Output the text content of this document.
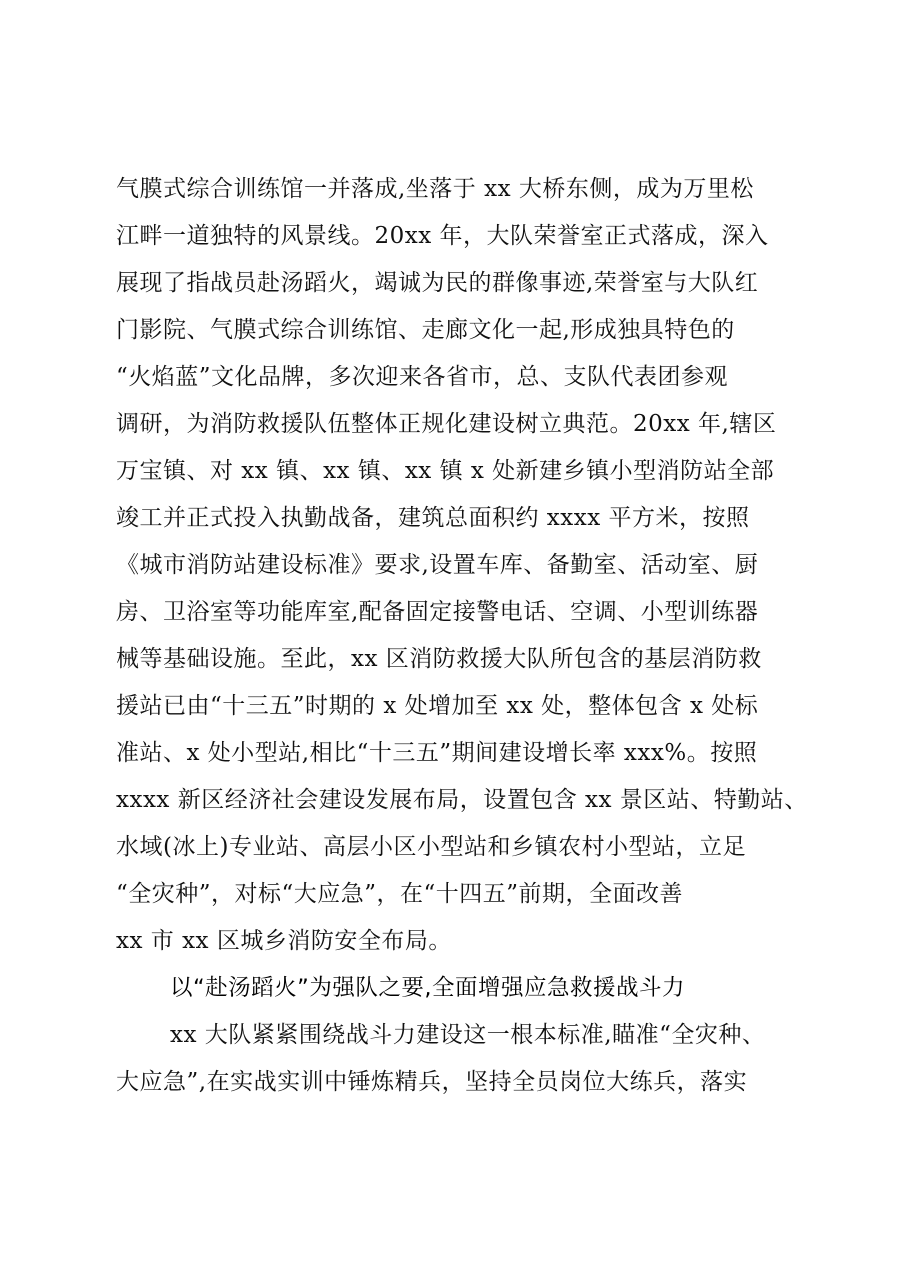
气膜式综合训练馆一并落成,坐落于 xx 大桥东侧，成为万里松
江畔一道独特的风景线。20xx 年，大队荣誉室正式落成，深入
展现了指战员赴汤蹈火，竭诚为民的群像事迹,荣誉室与大队红
门影院、气膜式综合训练馆、走廊文化一起,形成独具特色的
“火焰蓝”文化品牌，多次迎来各省市，总、支队代表团参观
调研，为消防救援队伍整体正规化建设树立典范。20xx 年,辖区
万宝镇、对 xx 镇、xx 镇、xx 镇 x 处新建乡镇小型消防站全部
竣工并正式投入执勤战备，建筑总面积约 xxxx 平方米，按照
《城市消防站建设标准》要求,设置车库、备勤室、活动室、厨
房、卫浴室等功能库室,配备固定接警电话、空调、小型训练器
械等基础设施。至此，xx 区消防救援大队所包含的基层消防救
援站已由“十三五”时期的 x 处增加至 xx 处，整体包含 x 处标
准站、x 处小型站,相比“十三五”期间建设增长率 xxx%。按照
xxxx 新区经济社会建设发展布局，设置包含 xx 景区站、特勤站、
水域(冰上)专业站、高层小区小型站和乡镇农村小型站，立足
“全灾种”，对标“大应急”，在“十四五”前期，全面改善
xx 市 xx 区城乡消防安全布局。
以“赴汤蹈火”为强队之要,全面增强应急救援战斗力
xx 大队紧紧围绕战斗力建设这一根本标准,瞄准“全灾种、
大应急”,在实战实训中锤炼精兵，坚持全员岗位大练兵，落实
